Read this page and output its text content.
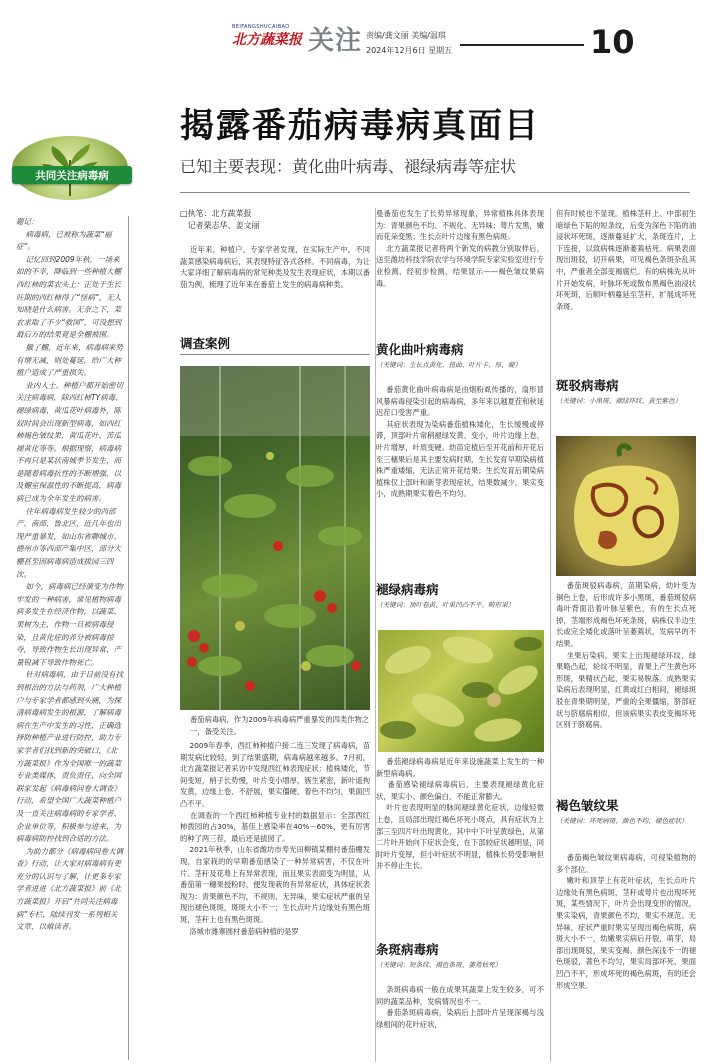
BEIFANGSHUCAIBAO
北方蔬菜报 关注 责编/龚文丽 美编/温琪
2024年12月6日 星期五	10
共同关注病毒病
揭露番茄病毒病真面目
已知主要表现：黄化曲叶病毒、褪绿病毒等症状
题记：
病毒病，已被称为蔬菜“癌症”。
记忆回到2009年秋，一场来如的不幸，降临到一些种植大棚西红柿的菜农头上：正处于生长旺期的西红柿得了“怪病”，无人知晓是什么病害。无奈之下，菜农求取了不少“救国”，可没想到最后万的结果竟是全棚被围。
撤了棚，近年来，病毒病来势有增无减，则处蔓延，给广大种植户造成了严重损失。
业内人士、种植户都开始密切关注病毒病，除西红柿TY病毒、褪绿病毒、黄瓜花叶病毒外，陈奴时间会出现新型病毒，如西红柿褐色皱纹果、黄瓜花叶、苦瓜褪黄化等等。根据现察，病毒病不再只是某状南城季节发生，而是随着病毒抗性的不断增强，以及棚室保温性的不断提高，病毒病已成为全年发生的病害。
往年病毒病发生较少的西部产、南部、鲁北区，近几年也出现严重暴发，如山东省聊城市、德州市等西部产集中区，部分大棚甚至因病毒病造成拔园三四次。
如今，病毒病已经演变为作物牢发的一种病害，常见植物病毒病多发生在经济作物，以蔬菜、果树为主，作物一旦被病毒侵染，且黄化症的养分被病毒掠夺，导致作物生长出现异常，产量锐减下导致作物死亡。
针对病毒病，由于目前没有找到根治的方法与药剂，广大种植户与专家学者都感到头痛，为探清病毒病发生的根源，了解病毒病在生产中发生的习性，正确选择防种植产业进行防控，助力专家学者们找到新的突破口，《北方蔬菜报》作为全国唯一的蔬菜专业类媒体，责负责任，向全国联家发起《病毒病问卷大调查》行动，希望全国广大蔬菜种植户及一直关注病毒病的专家学者、企业单位等，积极参与进来，为病毒病防控找到合适的方法。
为助力都分《病毒病问卷大调查》行动，让大家对病毒病有更充分的认识与了解，让更多专家学者进进《北方蔬菜报》前《北方蔬菜报》开启“共同关注病毒病”专栏，陆续刊发一系列相关文章，以飨读者。
□执笔：北方蔬菜报
记者栗志华、姜文丽
近年来，种植户、专家学者发现，在实际生产中，不同蔬菜感染病毒病后，其表现特征各式各样。不同病毒，为让大家详细了解病毒病的常见种类及发生表现症状，本期以番茄为例，梳理了近年来在番茄上发生的病毒病种类。
调查案例
番茄病毒病，作为2009年病毒病严重暴发的四类作物之一，备受关注。
2009年春季，西红柿种植户接二连三发现了病毒病，苗期发病比较轻，到了结果盛期，病毒病越来越多。7月初，北方蔬菜报记者采访中发现西红柿表现症状：植株矮化，节间变短，梢子长势慢，叶片变小增厚，簇生紧密，新叶遥拘发黄，边缘上卷、不舒展，果实僵硬、着色不均匀，果面凹凸不平。
在调查的一个西红柿种植专业村的数据显示：全部西红柿拨园的占30%，基佳上感染率在40%－60%，更有厉害的种了两三茬，最后还是拔园了。
2021年秋季，山东省潍坊市寿光田柳镇某棚村番茄棚发现，自家栽的的早期番茄感染了一种异常病害，不仅在叶片、茎秆及花萼上有异常表现，而且果实表面变为明显，从番茄第一穗果授粉时，便发现栽的有异常症状，具体症状表现为：青果颜色不均，不规则，无异味，果实症状严重的呈现出褪色斑斑，斑斑大小不一；生长点叶片边缘处有黑色斑斑，茎秆上也有黑色斑斑。
洛城市潍寨圆村番茄病种植的是罗
曼番茄也发生了长势异常现象，异常植株具体表现为：青果颜色不均、不规化、无异味；萼片发黑，嫩而花朵变黑；生长点叶片边缘有黑色病斑。
北方蔬菜报记者将两个新发的病教分别取样后，送至潍坊科技学院农学与环境学院专家实验室进行专业检测，经初步检测，结果显示——褐色皱纹果病毒。
黄化曲叶病毒病
（关键词：生长点黄化、扭曲、叶片卡、厚、硬）
番茄黄化曲叶病毒病是由烟粉虱传播的，扇形冒风暴病毒侵染引起的病毒病，多年来以越夏茬和秋延迟茬口受害严重。
其症状表现为染病番茄植株矮化，生长缓慢或停滞，顶部叶片常稍褪绿发黄、变小，叶片边缘上卷，叶片增厚，叶质变硬。幼苗定植后至开花前和开花后至三穗果后是其主要发病时期，生长发育早期染病植株严重矮缩，无法正常开花结果；生长发育后期染病植株仅上部叶和新芽表现症状，结果数减少，果实变小，成熟期果实着色不均匀。
褪绿病毒病
（关键词：顶叶卷黄、叶果凹凸不平、畸形果）
番茄褪绿病毒病是近年来设施蔬菜上发生的一种新型病毒病。
番茄感染褪绿病毒病后，主要表现褪绿黄化症状，果实小、颜色偏白、不能正常膨大。
叶片也表现明显的脉间褪绿黄化症状，边缘轻微上卷，且局部出现红褐色坏死小斑点，具有症状为上部三至四片叶出现黄化，其中中下叶呈黄绿色，从第二片叶开始向下症状会变，在下部较症状越明显，同时叶片变厚，但小叶症状不明显，植株长势受影响但并不停止生长。
条斑病毒病
（关键词：短条纹、褐色条斑、萎蔫枯死）
条斑病毒病一般在成果其蔬菜上发生较多，可不同的蔬菜品种，发病情况也不一。
番茄条斑病毒病，染病后上部叶片呈现深褐与浅绿相间的花叶症状，
但有时候也不显现。植株茎秆上、中部初生暗绿色下陷的短条纹，后变为深色下陷的油浸状坏死斑，逐渐蔓延扩大，条斑连片，上下连接，以致病株逐渐萎蔫枯死。病果表面现出斑驳，切开病果，可见褐色条斑杂乱其中，严重者全部变褐腐烂。有的病株先从叶片开始发病，叶脉坏死或散布黑褐色油浸状坏死斑，后顺叶柄蔓延至茎秆，扩展成坏死条斑。
斑驳病毒病
（关键词：小黑斑、褪绿环纹、黄至紫色）
番茄斑驳病毒病，苗期染病，幼叶变为铜色上卷，后形成许多小黑斑，番茄斑驳病毒叶背面沿着叶脉呈紫色，有的生长点死掉，茎端形成褐色坏死条斑，病株仅半边生长或完全矮化或落叶呈萎蔫状，发病早的不结果。
坐果后染病，果实上出现褪绿环纹，绿果略凸起，轮纹不明显，青果上产生黄色环形斑，果精状凸起，果实易脱落。成熟果实染病后表现明显，红黄或红白相间，褪绿斑驳在青果期明显，严重的全果僵缩，脐部症状与脐腐病相似，但该病果实表皮变褐坏死区别于脐腐病。
褐色皱纹果
（关键词：坏死病斑、颜色不均、褪色症状）
番茄褐色皱纹果病毒病，可侵染植物的多个部位。
嫩叶和顶芽上有花叶症状，生长点叶片边缘处有黑色病斑，茎秆或萼片也出现坏死斑，某些情况下，叶片会出现变形的情况，果实染病，青果颜色不均，果实不规范、无异味，症状严重时果实呈现出褐色病斑，病斑大小不一，幼嫩果实病后开裂，萌芽，局部出现斑驳，果实变褐、颜色深浅不一的褪色斑驳，著色不均匀，果实局部坏死，果面凹凸不平，形成坏死的褐色病斑，有的还会形成空果。
